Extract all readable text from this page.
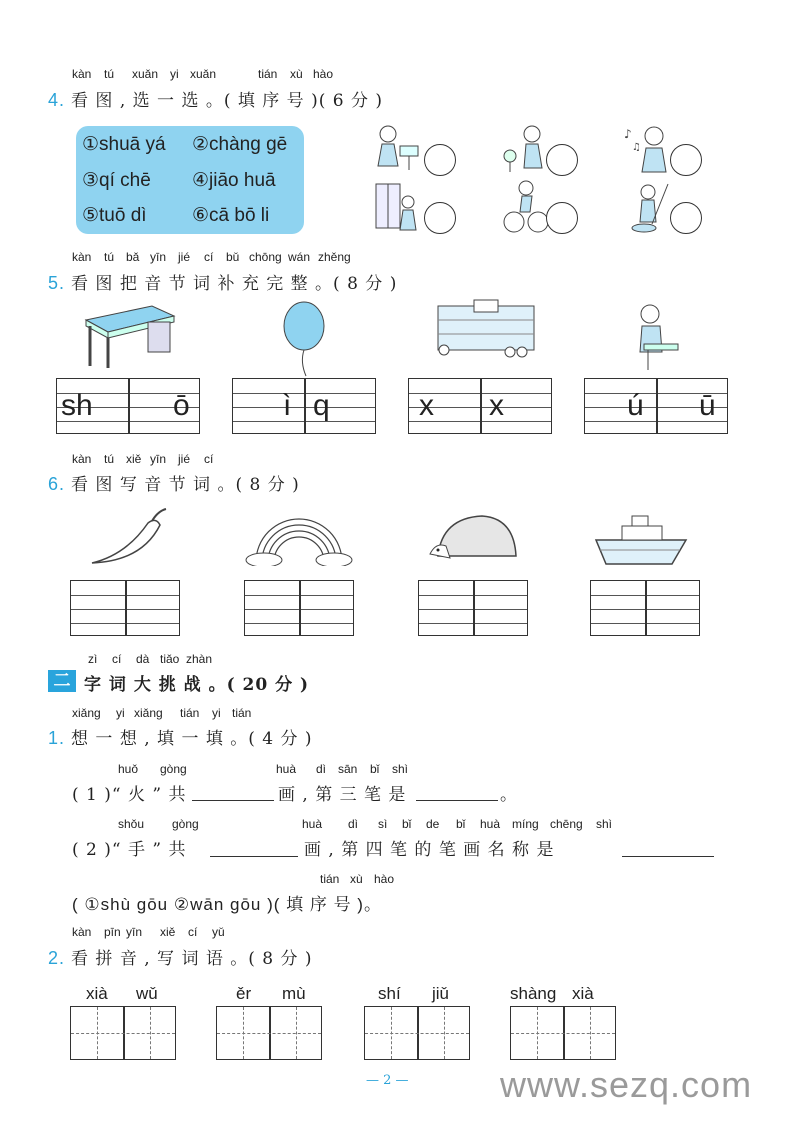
kàn tú xuǎn yi xuǎn	tián xù hào
4. 看 图 , 选 一 选 。( 填 序 号 )( 6 分 )
①shuā yá ②chàng gē
③qí chē ④jiāo huā
⑤tuō dì ⑥cā bō li
♪
♫
kàn tú bǎ yīn jié cí bǔ chōng wán zhěng
5. 看 图 把 音 节 词 补 充 完 整 。( 8 分 )
sh	ō	ì q	x x	ú ū
kàn tú xiě yīn jié cí
6. 看 图 写 音 节 词 。( 8 分 )
zì cí dà tiǎo zhàn
二 字 词 大 挑 战 。( 20 分 )
xiǎng yi xiǎng tián yi tián
1. 想 一 想 , 填 一 填 。( 4 分 )
huǒ gòng	huà dì sān bǐ shì
( 1 )“ 火 ” 共	画 , 第 三 笔 是	。
shǒu gòng	huà dì sì bǐ de bǐ huà míng chēng shì
( 2 )“ 手 ” 共	画 , 第 四 笔 的 笔 画 名 称 是
tián xù hào
( ①shù gōu ②wān gōu )( 填 序 号 )。
kàn pīn yīn xiě cí yǔ
2. 看 拼 音 , 写 词 语 。( 8 分 )
xià wǔ	ěr mù	shí jiǔ	shàng xià
— 2 —	www.sezq.com
